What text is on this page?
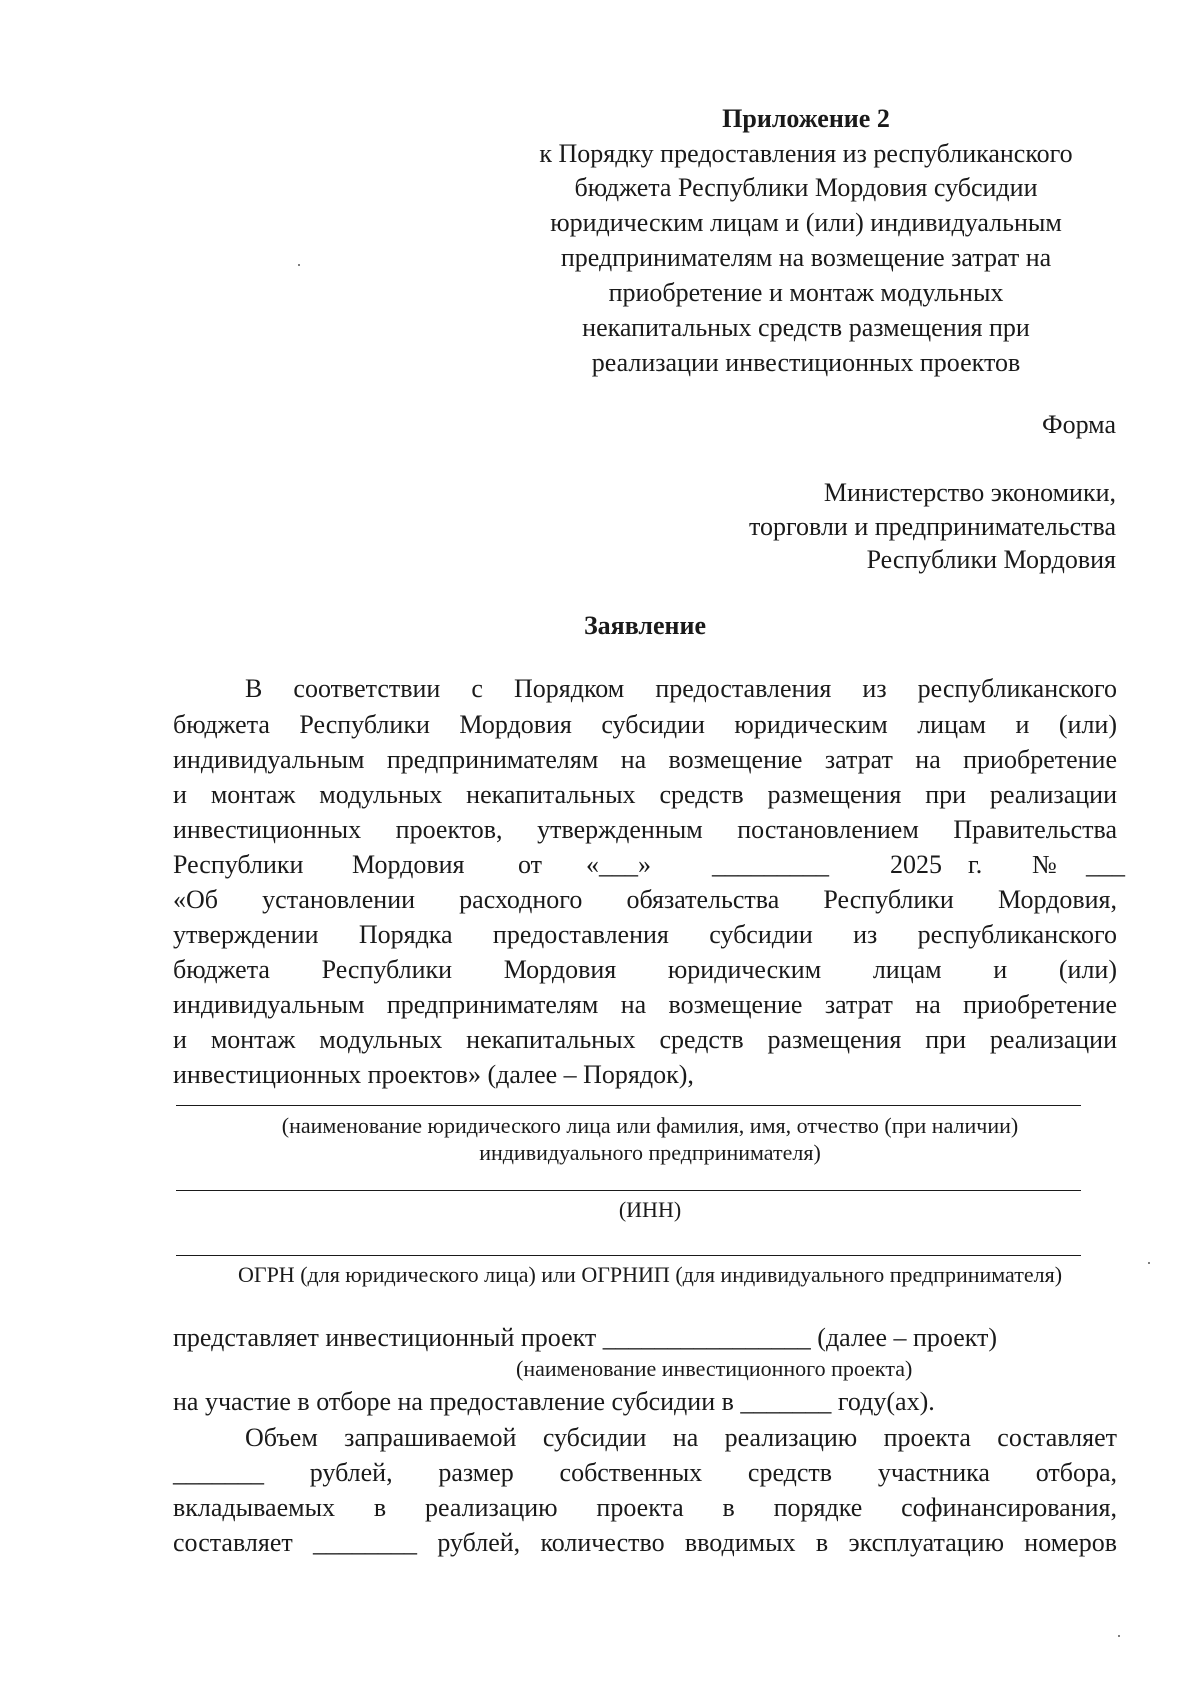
Приложение 2
к Порядку предоставления из республиканского
бюджета Республики Мордовия субсидии
юридическим лицам и (или) индивидуальным
предпринимателям на возмещение затрат на
приобретение и монтаж модульных
некапитальных средств размещения при
реализации инвестиционных проектов
Форма
Министерство экономики,
торговли и предпринимательства
Республики Мордовия
Заявление
В соответствии с Порядком предоставления из республиканского
бюджета Республики Мордовия субсидии юридическим лицам и (или)
индивидуальным предпринимателям на возмещение затрат на приобретение
и монтаж модульных некапитальных средств размещения при реализации
инвестиционных проектов, утвержденным постановлением Правительства
Республики Мордовия от «___» _________ 2025 г. № ___
«Об установлении расходного обязательства Республики Мордовия,
утверждении Порядка предоставления субсидии из республиканского
бюджета Республики Мордовия юридическим лицам и (или)
индивидуальным предпринимателям на возмещение затрат на приобретение
и монтаж модульных некапитальных средств размещения при реализации
инвестиционных проектов» (далее – Порядок),
(наименование юридического лица или фамилия, имя, отчество (при наличии)
индивидуального предпринимателя)
(ИНН)
ОГРН (для юридического лица) или ОГРНИП (для индивидуального предпринимателя)
представляет инвестиционный проект ________________ (далее – проект)
(наименование инвестиционного проекта)
на участие в отборе на предоставление субсидии в _______ году(ах).
Объем запрашиваемой субсидии на реализацию проекта составляет
_______ рублей, размер собственных средств участника отбора,
вкладываемых в реализацию проекта в порядке софинансирования,
составляет ________ рублей, количество вводимых в эксплуатацию номеров
